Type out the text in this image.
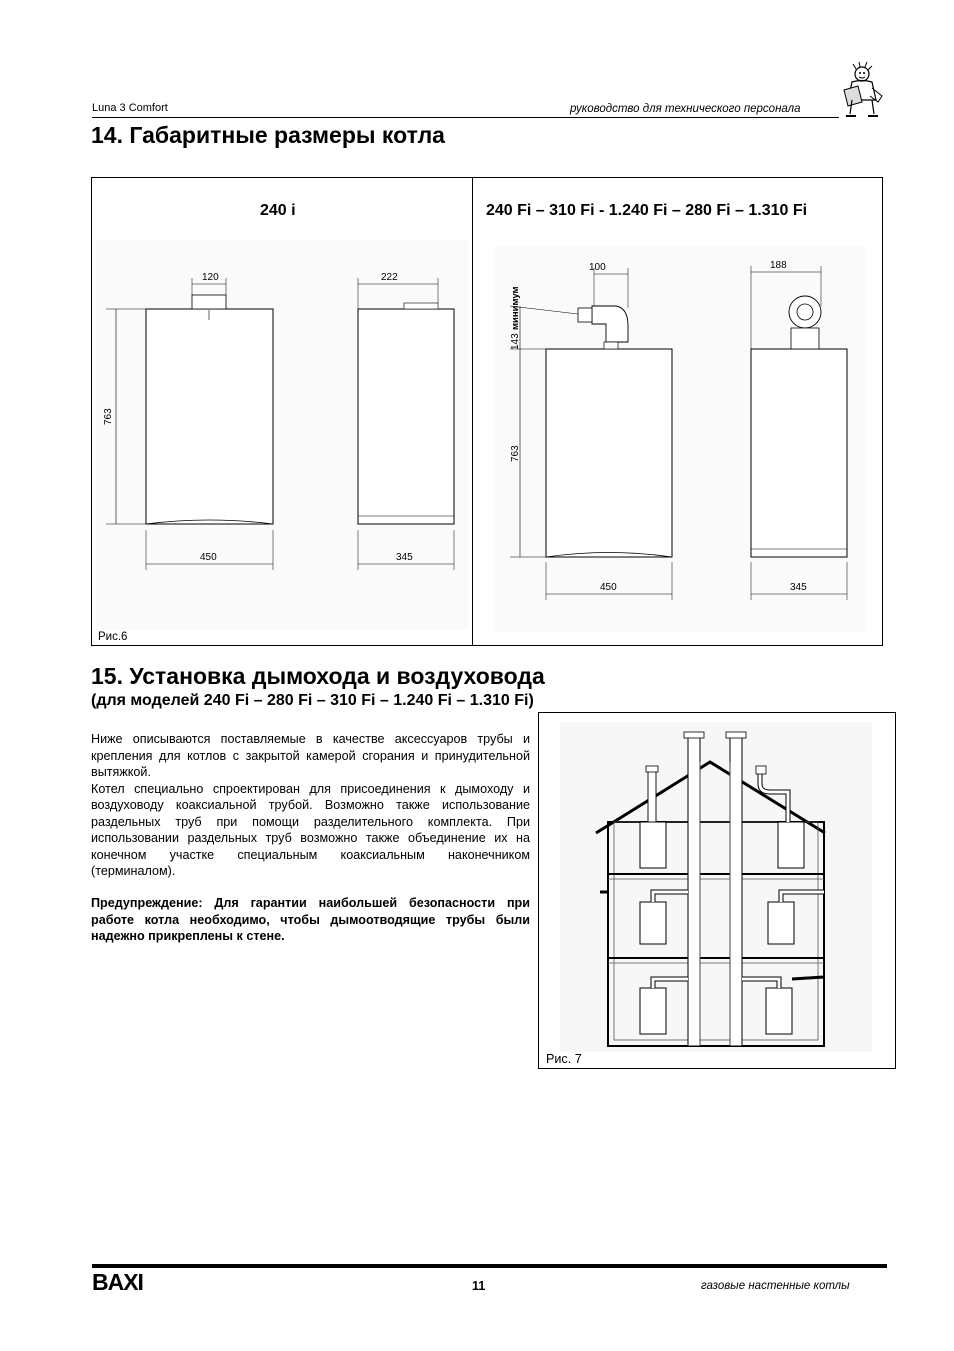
Luna 3 Comfort	руководство для технического персонала
14. Габаритные размеры котла
240 i	240 Fi – 310 Fi - 1.240 Fi – 280 Fi – 1.310 Fi
Рис.6
120
763
450
222
345
100
минимум
143
763
450
188
345
15. Установка дымохода и воздуховода
(для моделей 240 Fi – 280 Fi – 310 Fi – 1.240 Fi – 1.310 Fi)

Ниже описываются поставляемые в качестве аксессуаров трубы и крепления для котлов с закрытой камерой сгорания и принудительной вытяжкой.

Котел специально спроектирован для присоединения к дымоходу и воздуховоду коаксиальной трубой. Возможно также использование раздельных труб при помощи разделительного комплекта. При использовании раздельных труб возможно также объединение их на конечном участке специальным коаксиальным наконечником (терминалом).

Предупреждение: Для гарантии наибольшей безопасности при работе котла необходимо, чтобы дымоотводящие трубы были надежно прикреплены к стене.
Рис. 7
BAXI	11	газовые настенные котлы
